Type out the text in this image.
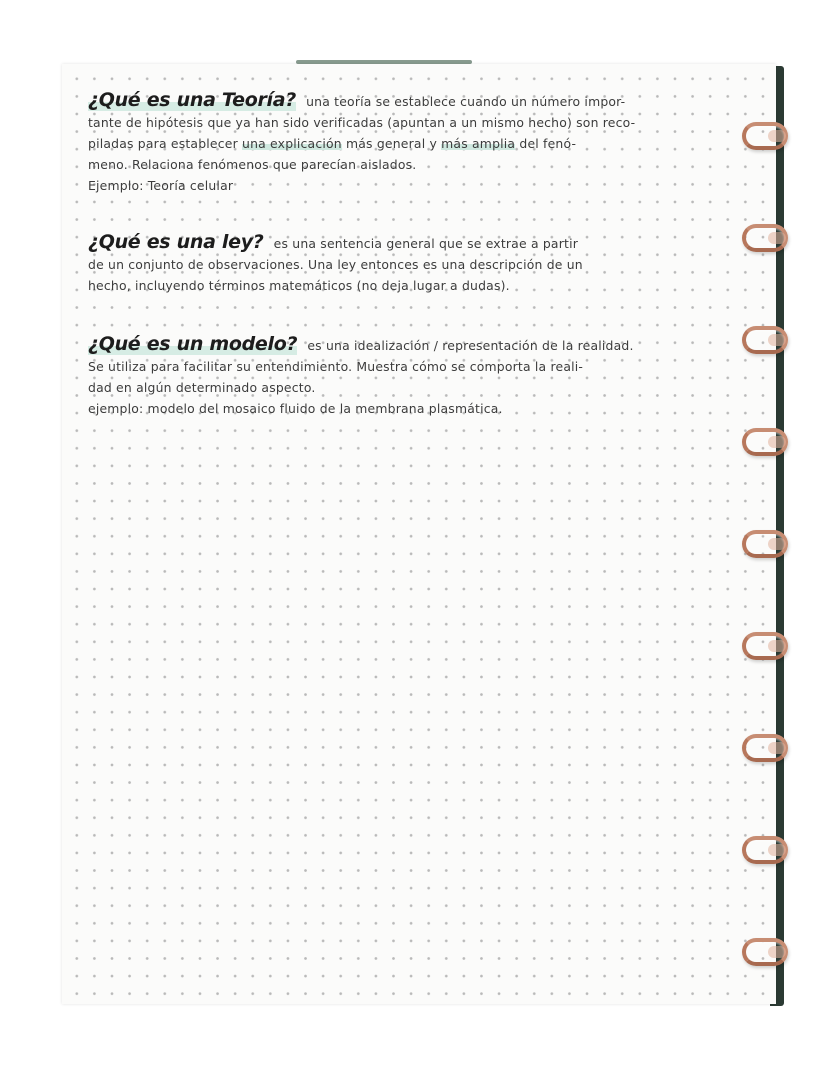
¿Qué es una Teoría? una teoría se establece cuando un número impor-
tante de hipótesis que ya han sido verificadas (apuntan a un mismo hecho) son reco-
piladas para establecer una explicación más general y más amplia del fenó-
meno. Relaciona fenómenos que parecían aislados.
Ejemplo: Teoría celular
¿Qué es una ley? es una sentencia general que se extrae a partir
de un conjunto de observaciones. Una ley entonces es una descripción de un
hecho, incluyendo términos matemáticos (no deja lugar a dudas).
¿Qué es un modelo? es una idealización / representación de la realidad.
Se utiliza para facilitar su entendimiento. Muestra cómo se comporta la reali-
dad en algún determinado aspecto.
ejemplo: modelo del mosaico fluido de la membrana plasmática.
